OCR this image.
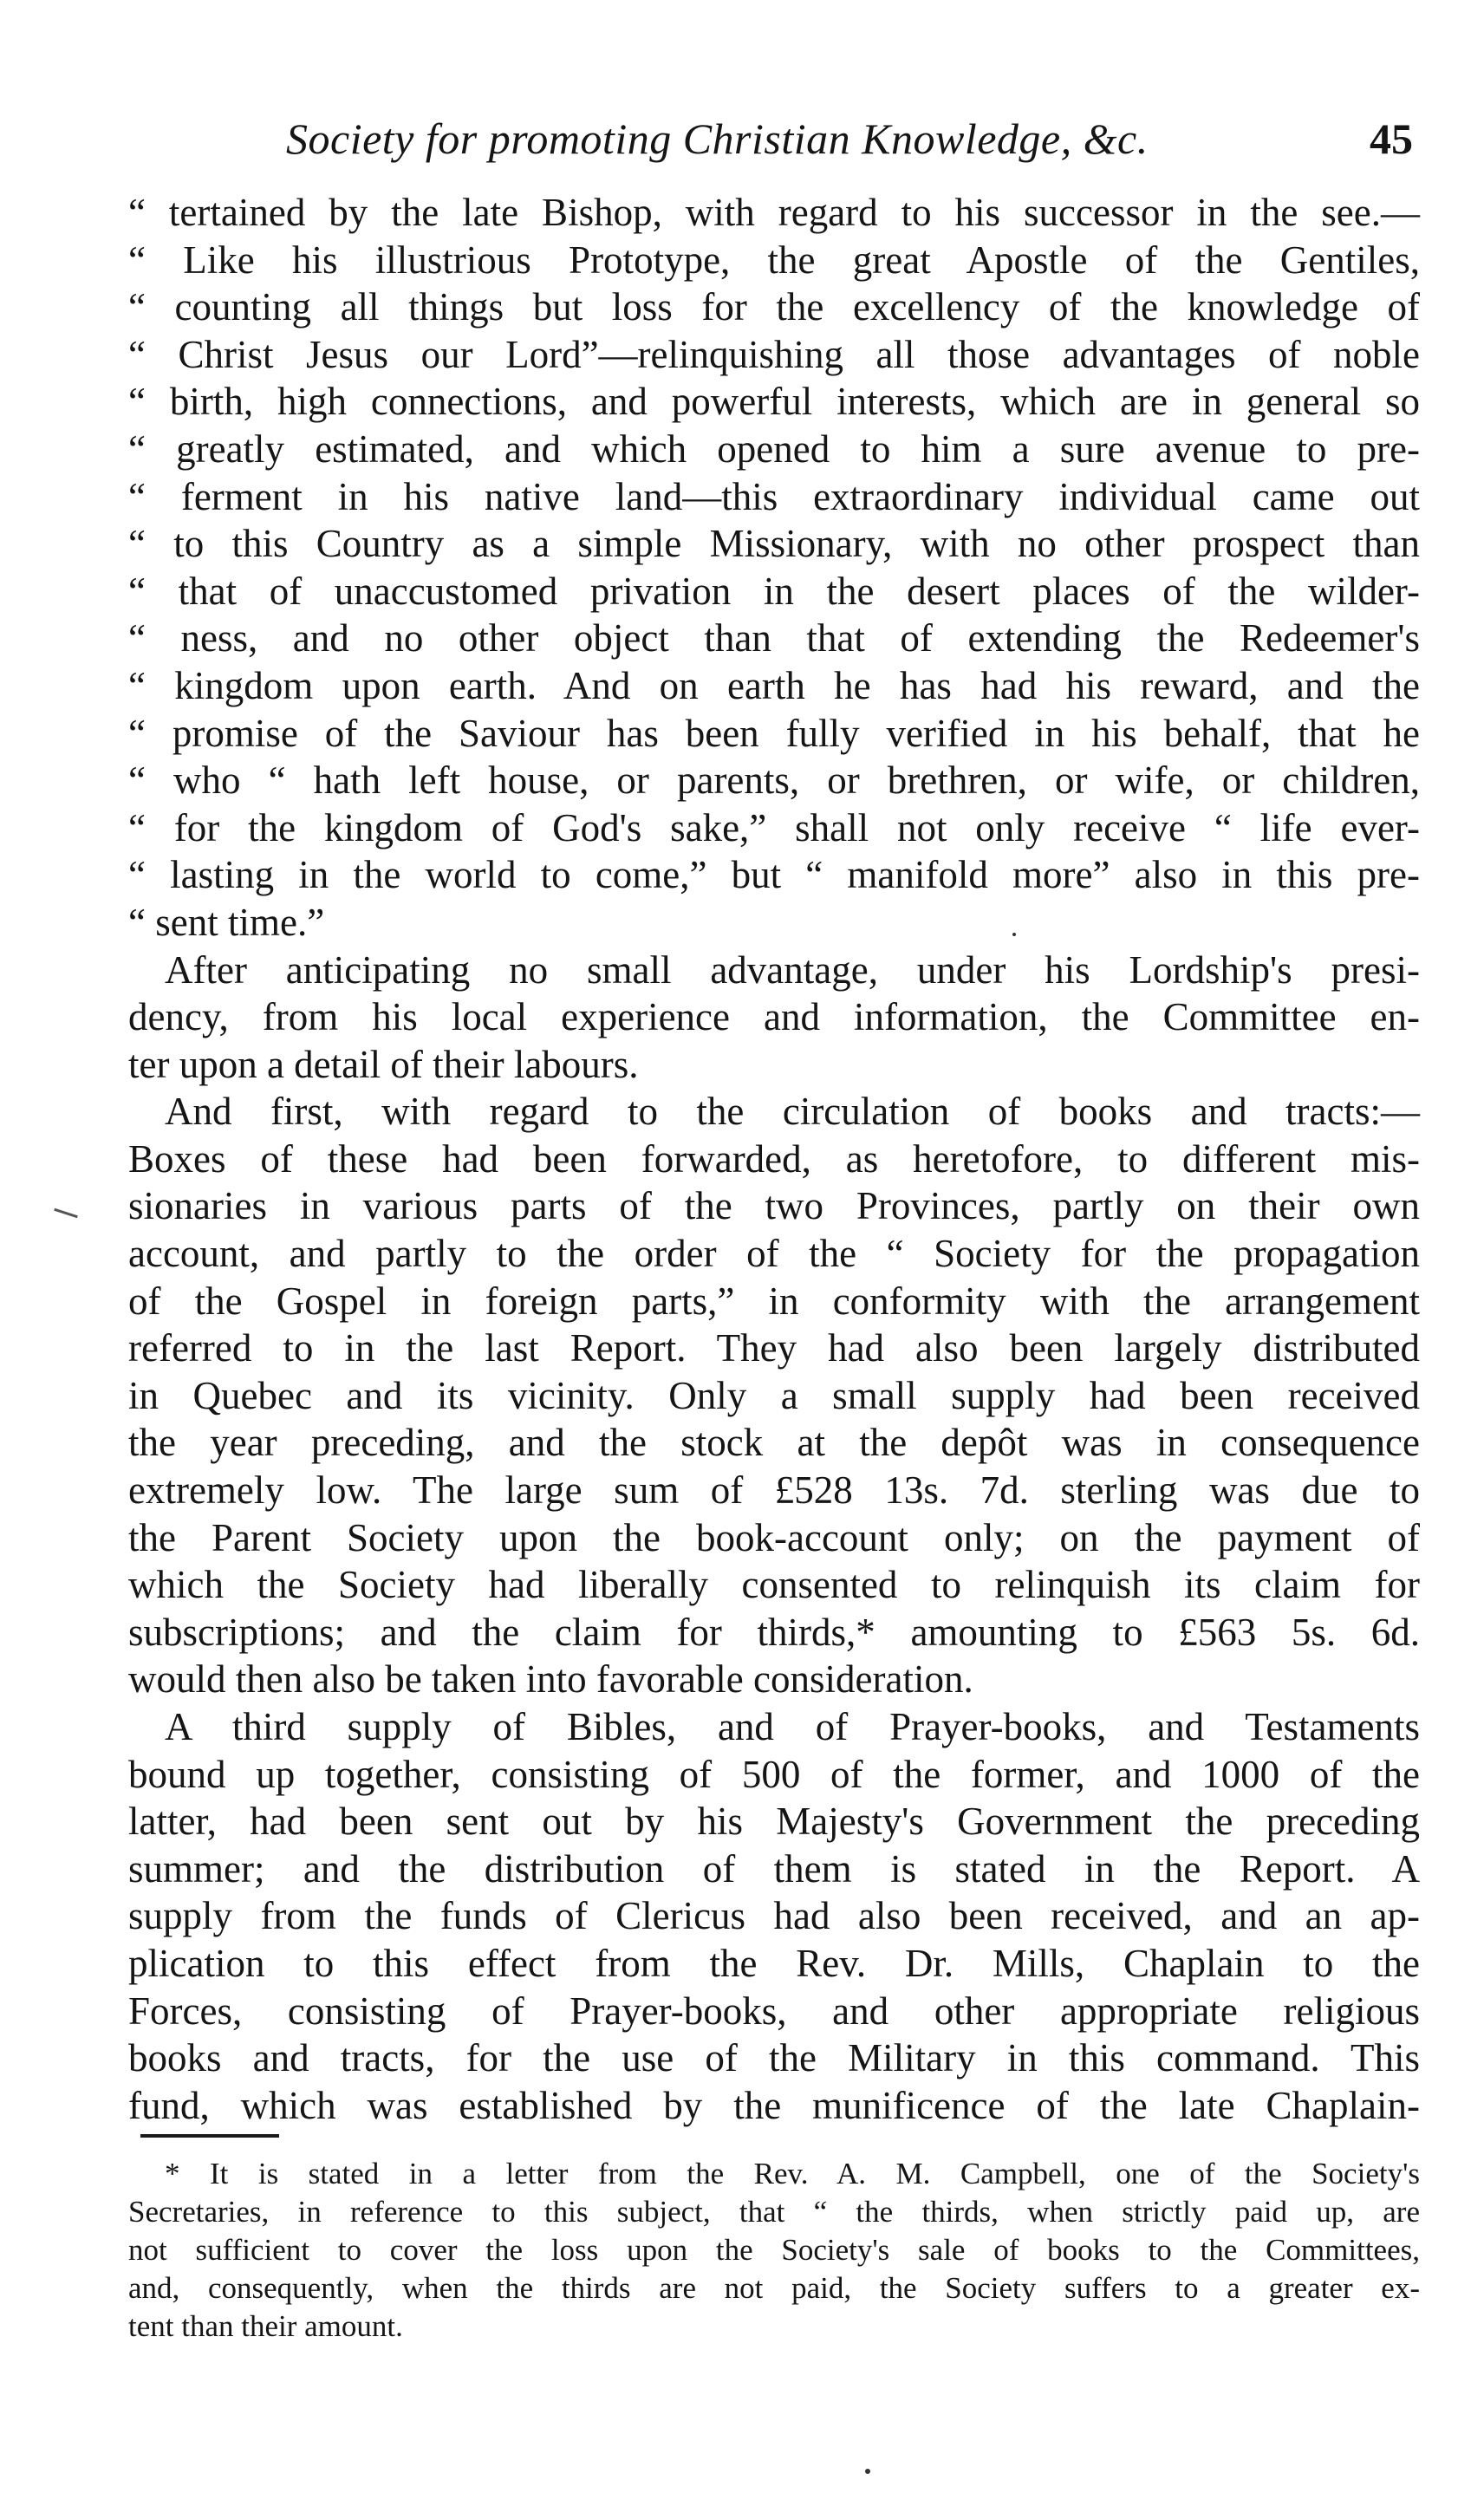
Society for promoting Christian Knowledge, &c.	45
“ tertained by the late Bishop, with regard to his successor in the see.—
“ Like his illustrious Prototype, the great Apostle of the Gentiles,
“ counting all things but loss for the excellency of the knowledge of
“ Christ Jesus our Lord”—relinquishing all those advantages of noble
“ birth, high connections, and powerful interests, which are in general so
“ greatly estimated, and which opened to him a sure avenue to pre-
“ ferment in his native land—this extraordinary individual came out
“ to this Country as a simple Missionary, with no other prospect than
“ that of unaccustomed privation in the desert places of the wilder-
“ ness, and no other object than that of extending the Redeemer's
“ kingdom upon earth. And on earth he has had his reward, and the
“ promise of the Saviour has been fully verified in his behalf, that he
“ who “ hath left house, or parents, or brethren, or wife, or children,
“ for the kingdom of God's sake,” shall not only receive “ life ever-
“ lasting in the world to come,” but “ manifold more” also in this pre-
“ sent time.”
After anticipating no small advantage, under his Lordship's presi-
dency, from his local experience and information, the Committee en-
ter upon a detail of their labours.
And first, with regard to the circulation of books and tracts:—
Boxes of these had been forwarded, as heretofore, to different mis-
sionaries in various parts of the two Provinces, partly on their own
account, and partly to the order of the “ Society for the propagation
of the Gospel in foreign parts,” in conformity with the arrangement
referred to in the last Report. They had also been largely distributed
in Quebec and its vicinity. Only a small supply had been received
the year preceding, and the stock at the depôt was in consequence
extremely low. The large sum of £528 13s. 7d. sterling was due to
the Parent Society upon the book-account only; on the payment of
which the Society had liberally consented to relinquish its claim for
subscriptions; and the claim for thirds,* amounting to £563 5s. 6d.
would then also be taken into favorable consideration.
A third supply of Bibles, and of Prayer-books, and Testaments
bound up together, consisting of 500 of the former, and 1000 of the
latter, had been sent out by his Majesty's Government the preceding
summer; and the distribution of them is stated in the Report. A
supply from the funds of Clericus had also been received, and an ap-
plication to this effect from the Rev. Dr. Mills, Chaplain to the
Forces, consisting of Prayer-books, and other appropriate religious
books and tracts, for the use of the Military in this command. This
fund, which was established by the munificence of the late Chaplain-
* It is stated in a letter from the Rev. A. M. Campbell, one of the Society's
Secretaries, in reference to this subject, that “ the thirds, when strictly paid up, are
not sufficient to cover the loss upon the Society's sale of books to the Committees,
and, consequently, when the thirds are not paid, the Society suffers to a greater ex-
tent than their amount.
